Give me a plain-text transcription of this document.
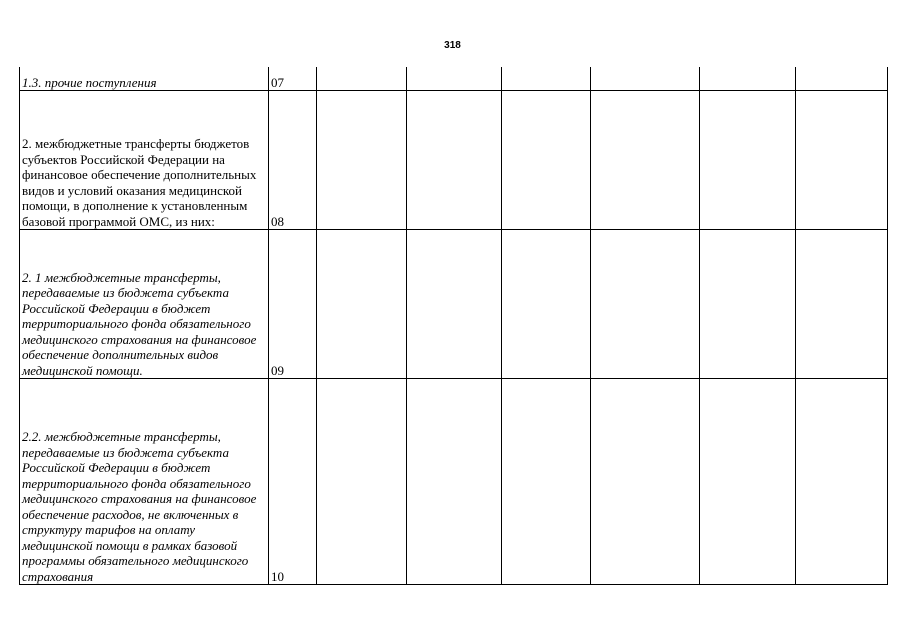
318
1.3. прочие поступления	07						
2. межбюджетные трансферты бюджетов субъектов Российской Федерации на финансовое обеспечение дополнительных видов и условий оказания медицинской помощи, в дополнение к установленным базовой программой ОМС, из них:	08						
2. 1 межбюджетные трансферты, передаваемые из бюджета субъекта Российской Федерации в бюджет территориального фонда обязательного медицинского страхования на финансовое обеспечение дополнительных видов медицинской помощи.	09						
2.2. межбюджетные трансферты, передаваемые из бюджета субъекта Российской Федерации в бюджет территориального фонда обязательного медицинского страхования на финансовое обеспечение расходов, не включенных в структуру тарифов на оплату медицинской помощи в рамках базовой программы обязательного медицинского страхования	10						
